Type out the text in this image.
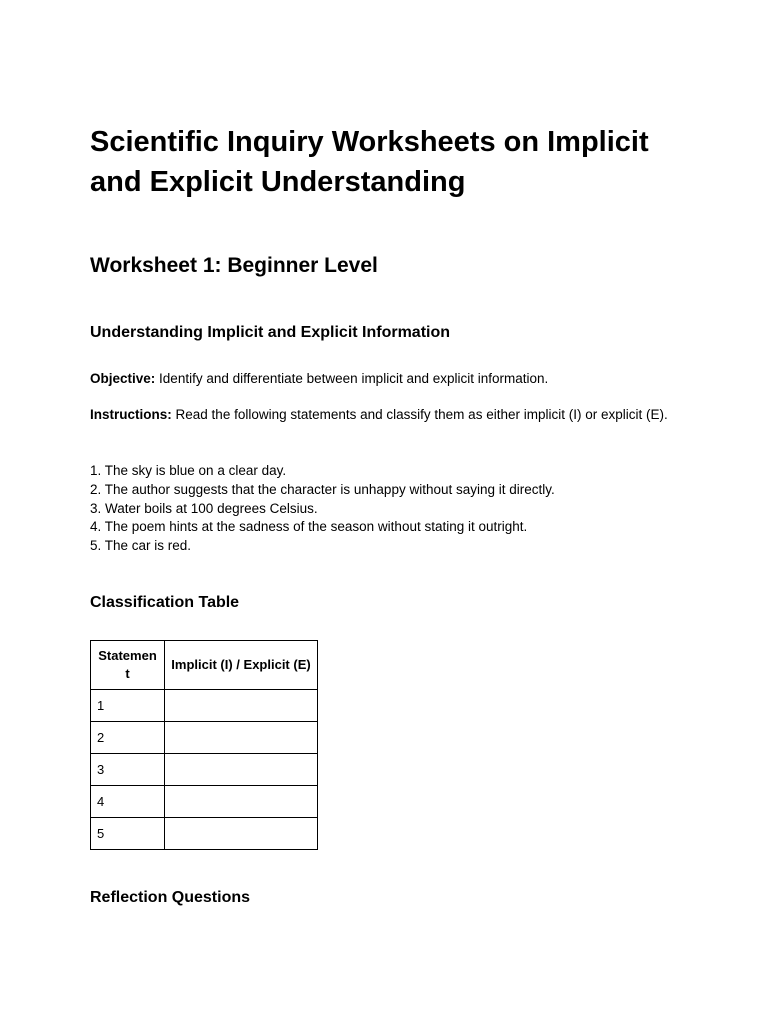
Scientific Inquiry Worksheets on Implicit and Explicit Understanding
Worksheet 1: Beginner Level
Understanding Implicit and Explicit Information

Objective: Identify and differentiate between implicit and explicit information.

Instructions: Read the following statements and classify them as either implicit (I) or explicit (E).

1. The sky is blue on a clear day.
2. The author suggests that the character is unhappy without saying it directly.
3. Water boils at 100 degrees Celsius.
4. The poem hints at the sadness of the season without stating it outright.
5. The car is red.
Classification Table
Statement	Implicit (I) / Explicit (E)
1	
2	
3	
4	
5	
Reflection Questions
